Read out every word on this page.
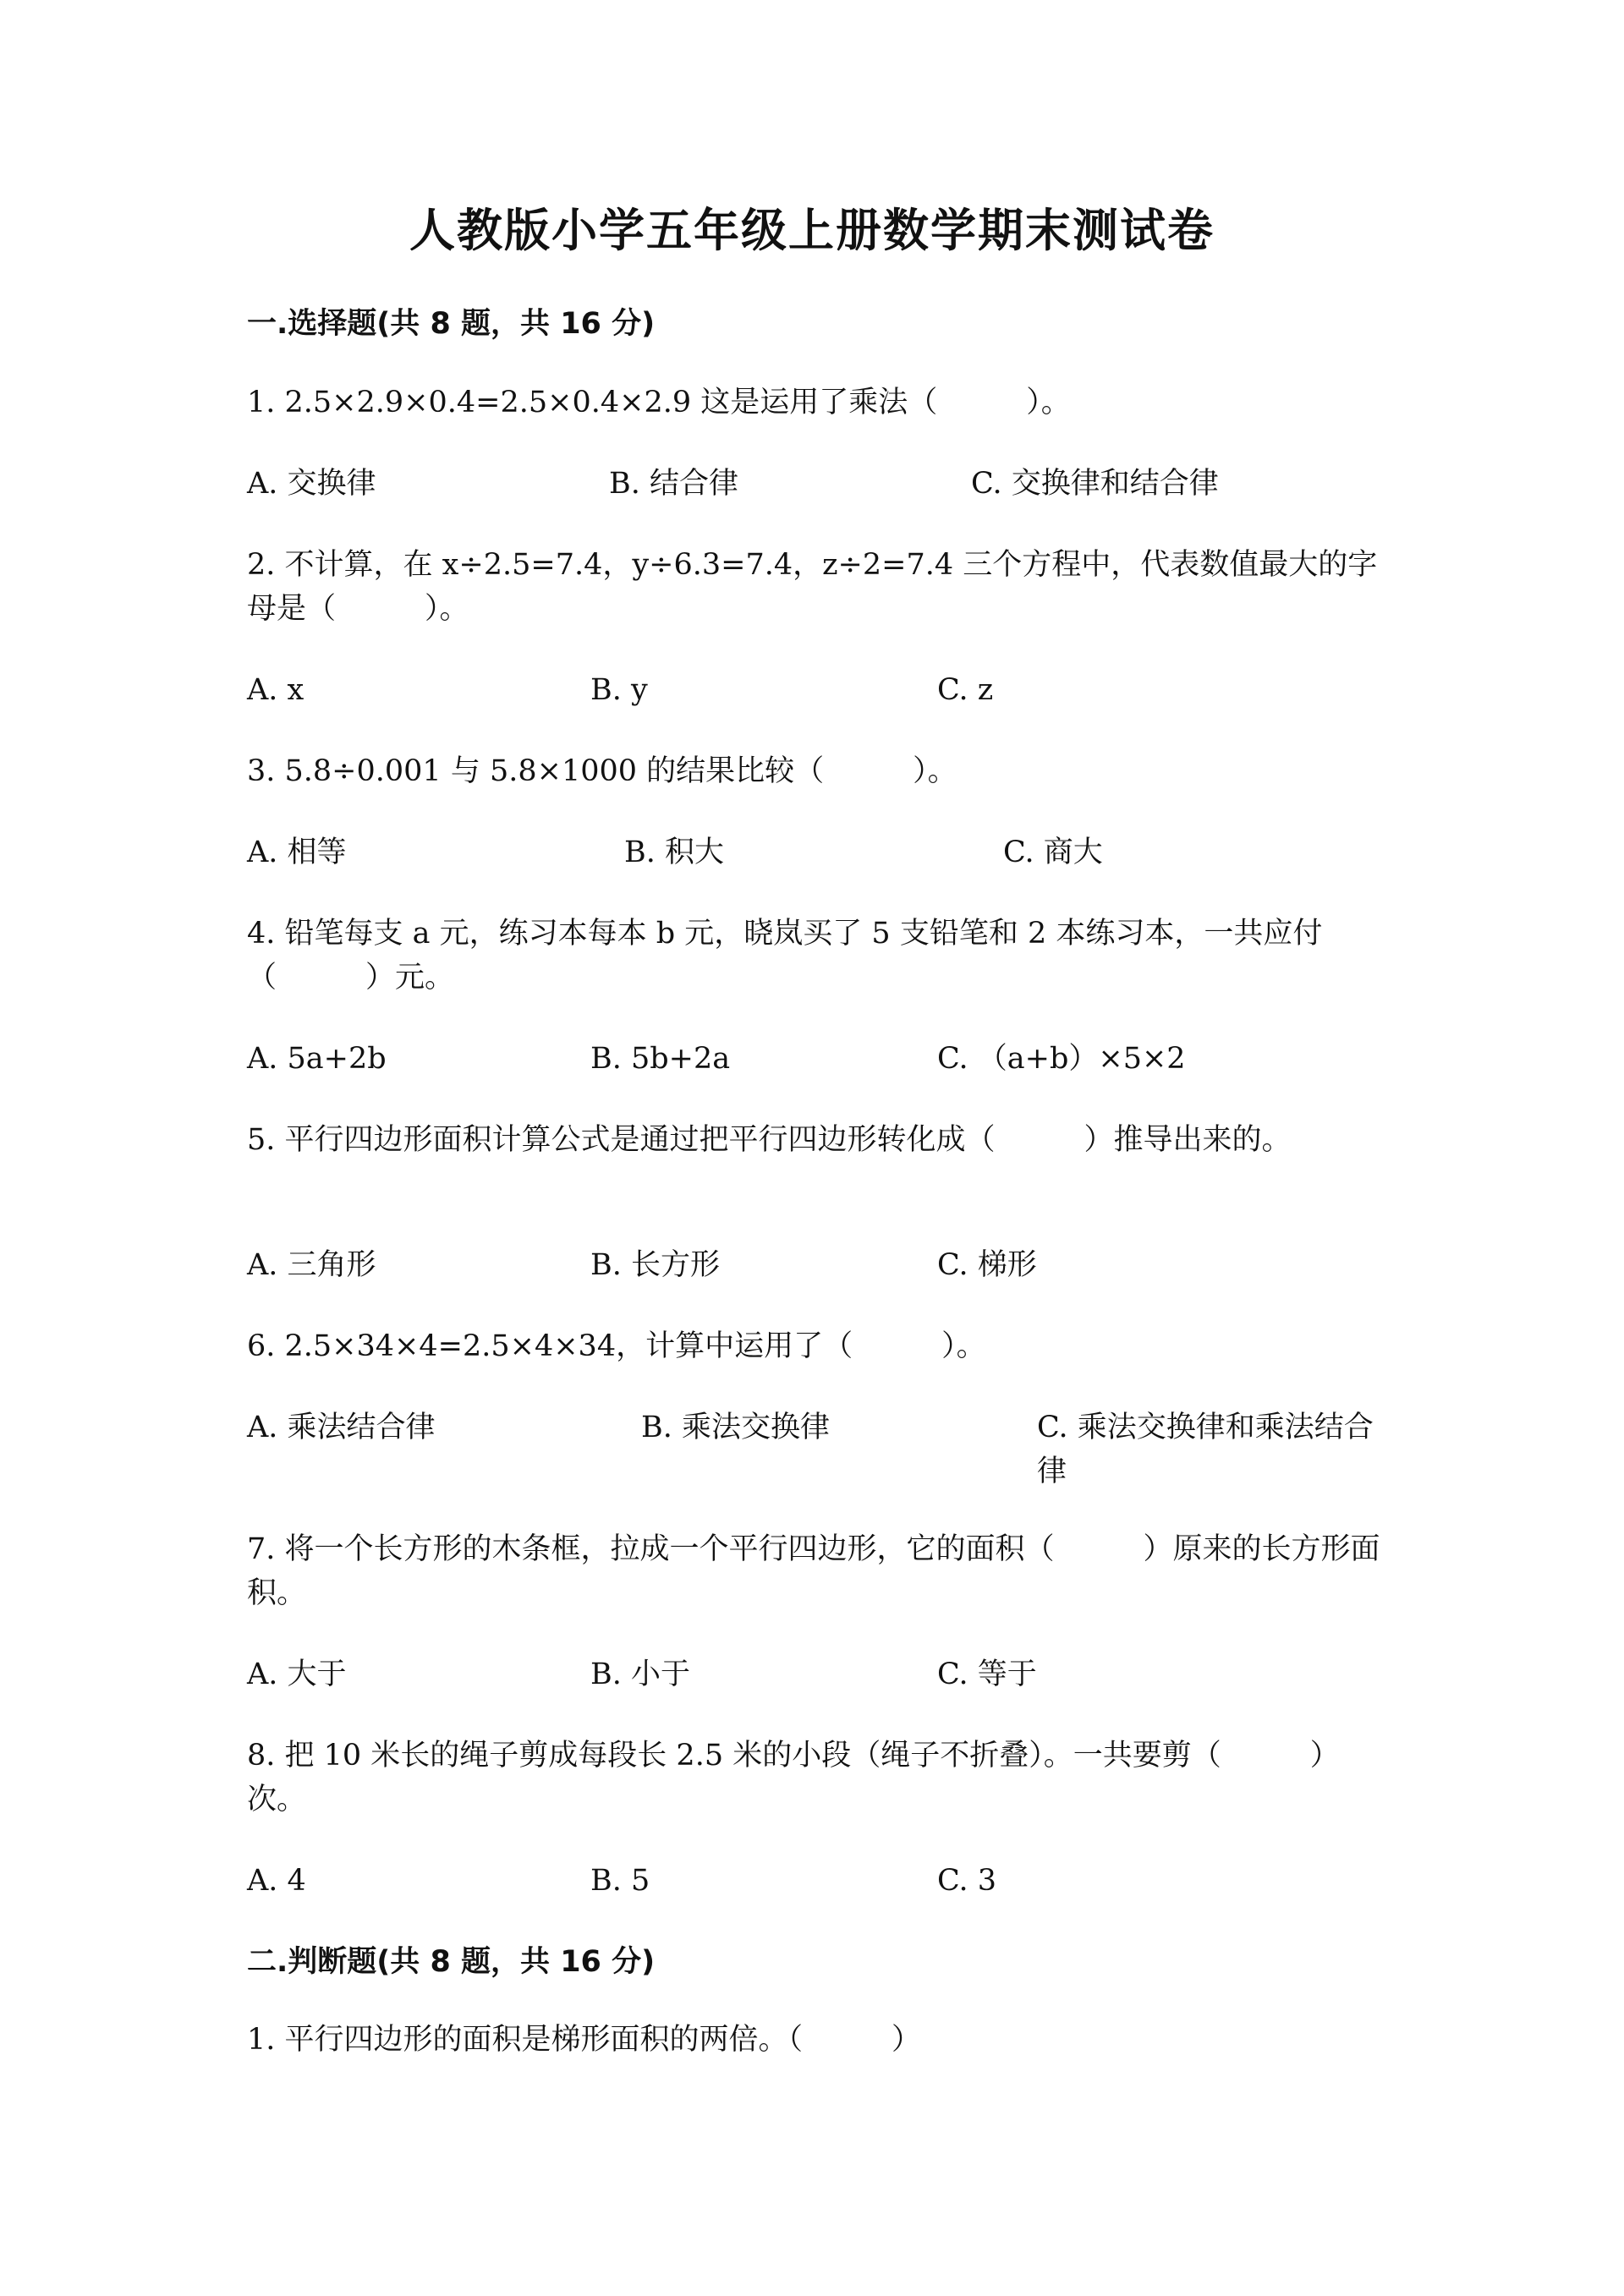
人教版小学五年级上册数学期末测试卷
一.选择题(共 8 题，共 16 分)
1. 2.5×2.9×0.4=2.5×0.4×2.9 这是运用了乘法（　　　）。
A. 交换律	B. 结合律	C. 交换律和结合律
2. 不计算，在 x÷2.5=7.4，y÷6.3=7.4，z÷2=7.4 三个方程中，代表数值最大的字母是（　　　）。
A. x	B. y	C. z
3. 5.8÷0.001 与 5.8×1000 的结果比较（　　　）。
A. 相等	B. 积大	C. 商大
4. 铅笔每支 a 元，练习本每本 b 元，晓岚买了 5 支铅笔和 2 本练习本，一共应付（　　　）元。
A. 5a+2b	B. 5b+2a	C. （a+b）×5×2
5. 平行四边形面积计算公式是通过把平行四边形转化成（　　　）推导出来的。
A. 三角形	B. 长方形	C. 梯形
6. 2.5×34×4=2.5×4×34，计算中运用了（　　　）。
A. 乘法结合律	B. 乘法交换律	C. 乘法交换律和乘法结合律
7. 将一个长方形的木条框，拉成一个平行四边形，它的面积（　　　）原来的长方形面积。
A. 大于	B. 小于	C. 等于
8. 把 10 米长的绳子剪成每段长 2.5 米的小段（绳子不折叠）。一共要剪（　　　）次。
A. 4	B. 5	C. 3
二.判断题(共 8 题，共 16 分)
1. 平行四边形的面积是梯形面积的两倍。（　　　）
